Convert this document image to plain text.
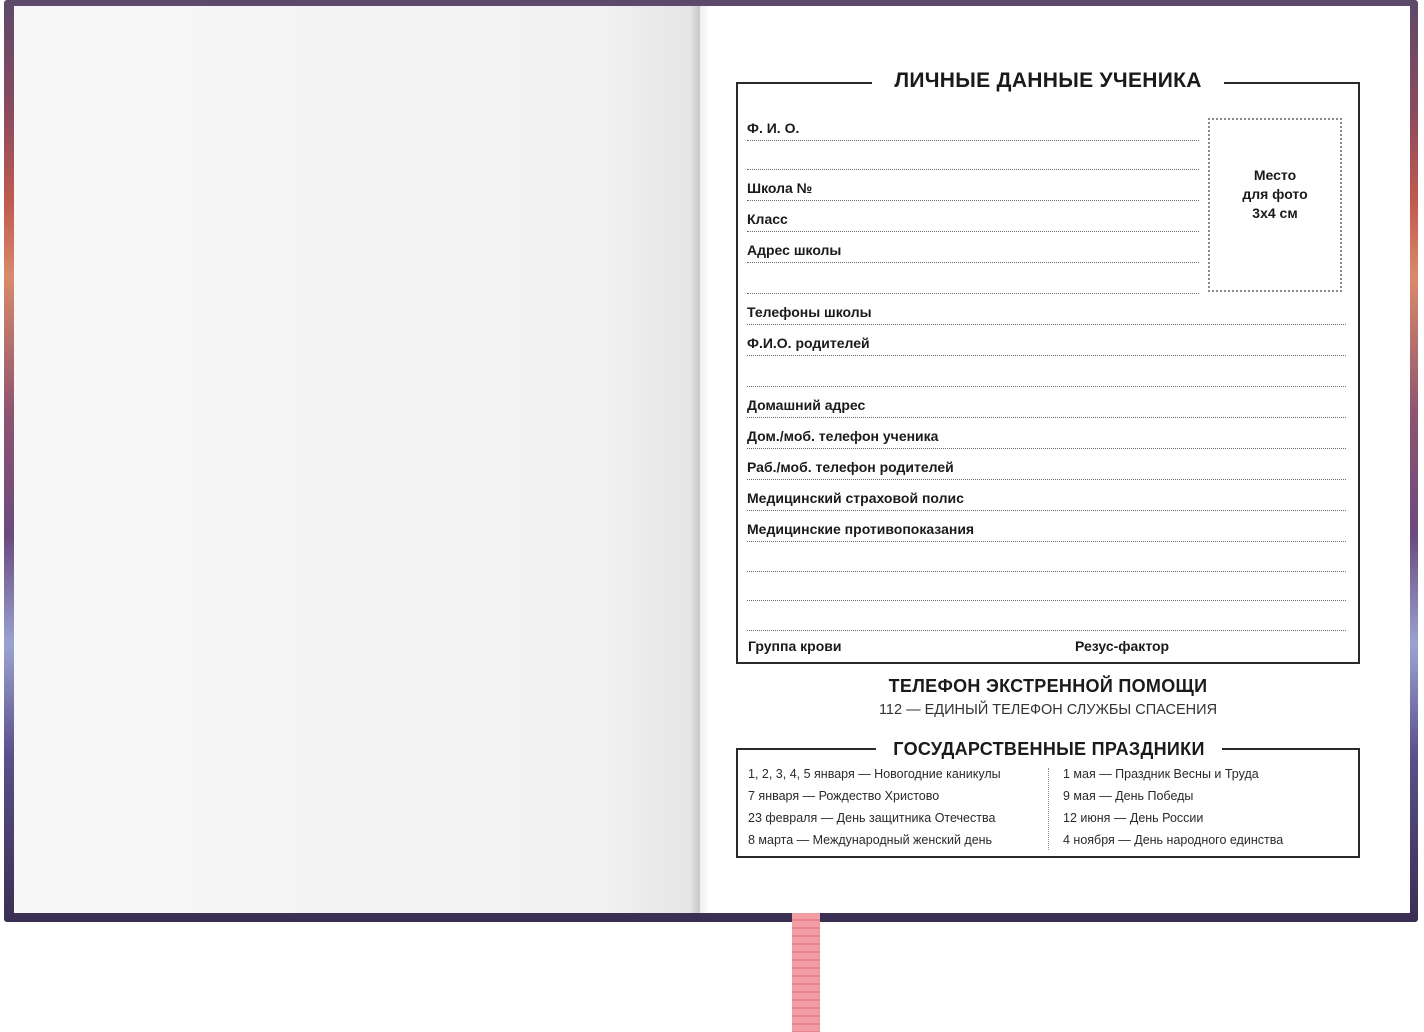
ЛИЧНЫЕ ДАННЫЕ УЧЕНИКА
Ф. И. О.
Школа №
Класс
Адрес школы
Место
для фото
3х4 см
Телефоны школы
Ф.И.О. родителей
Домашний адрес
Дом./моб. телефон ученика
Раб./моб. телефон родителей
Медицинский страховой полис
Медицинские противопоказания
Группа крови	Резус-фактор
ТЕЛЕФОН ЭКСТРЕННОЙ ПОМОЩИ
112 — ЕДИНЫЙ ТЕЛЕФОН СЛУЖБЫ СПАСЕНИЯ
ГОСУДАРСТВЕННЫЕ ПРАЗДНИКИ
1, 2, 3, 4, 5 января — Новогодние каникулы
7 января — Рождество Христово
23 февраля — День защитника Отечества
8 марта — Международный женский день
1 мая — Праздник Весны и Труда
9 мая — День Победы
12 июня — День России
4 ноября — День народного единства
